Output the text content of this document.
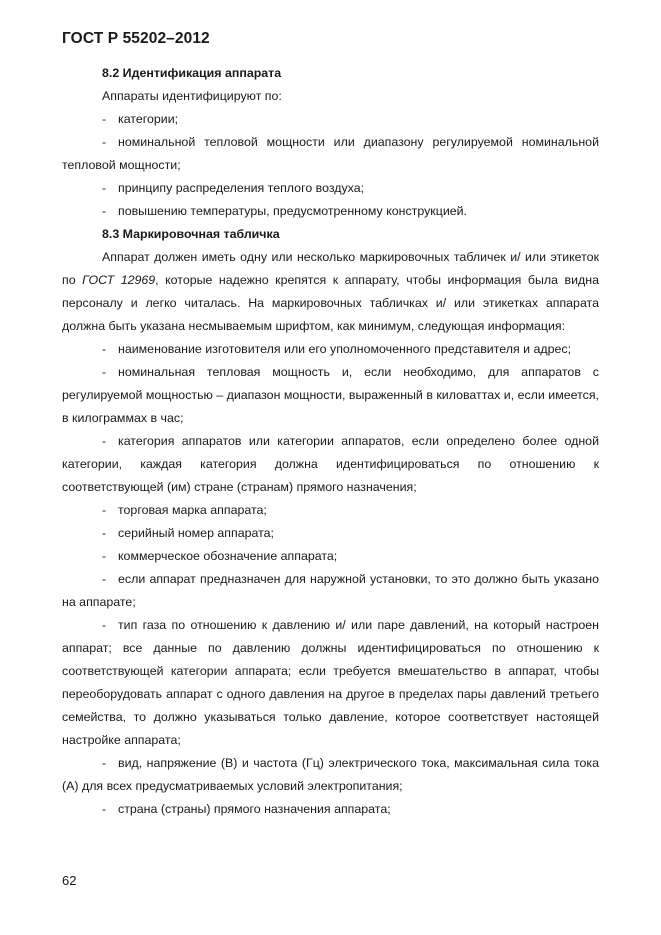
ГОСТ Р 55202–2012

8.2 Идентификация аппарата

Аппараты идентифицируют по:

- категории;

- номинальной тепловой мощности или диапазону регулируемой номинальной тепловой мощности;

- принципу распределения теплого воздуха;

- повышению температуры, предусмотренному конструкцией.

8.3 Маркировочная табличка

Аппарат должен иметь одну или несколько маркировочных табличек и/ или этикеток по ГОСТ 12969, которые надежно крепятся к аппарату, чтобы информация была видна персоналу и легко читалась. На маркировочных табличках и/ или этикетках аппарата должна быть указана несмываемым шрифтом, как минимум, следующая информация:

- наименование изготовителя или его уполномоченного представителя и адрес;

- номинальная тепловая мощность и, если необходимо, для аппаратов с регулируемой мощностью – диапазон мощности, выраженный в киловаттах и, если имеется, в килограммах в час;

- категория аппаратов или категории аппаратов, если определено более одной категории, каждая категория должна идентифицироваться по отношению к соответствующей (им) стране (странам) прямого назначения;

- торговая марка аппарата;

- серийный номер аппарата;

- коммерческое обозначение аппарата;

- если аппарат предназначен для наружной установки, то это должно быть указано на аппарате;

- тип газа по отношению к давлению и/ или паре давлений, на который настроен аппарат; все данные по давлению должны идентифицироваться по отношению к соответствующей категории аппарата; если требуется вмешательство в аппарат, чтобы переоборудовать аппарат с одного давления на другое в пределах пары давлений третьего семейства, то должно указываться только давление, которое соответствует настоящей настройке аппарата;

- вид, напряжение (В) и частота (Гц) электрического тока, максимальная сила тока (А) для всех предусматриваемых условий электропитания;

- страна (страны) прямого назначения аппарата;

62
